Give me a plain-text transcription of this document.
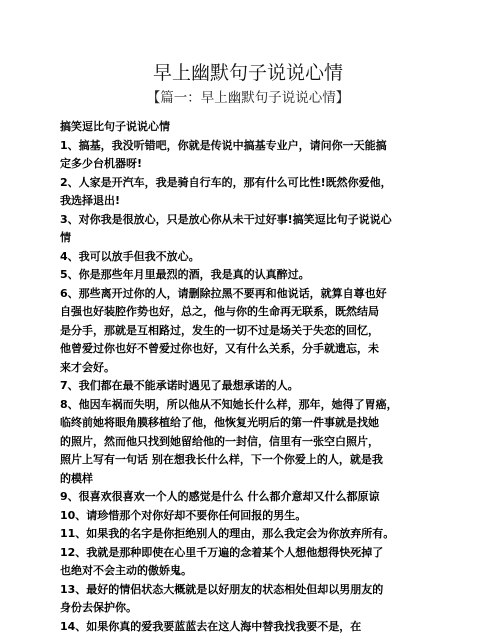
早上幽默句子说说心情
【篇一：早上幽默句子说说心情】
搞笑逗比句子说说心情
1、搞基，我没听错吧，你就是传说中搞基专业户，请问你一天能搞
定多少台机器呀!
2、人家是开汽车，我是骑自行车的，那有什么可比性!既然你爱他，
我选择退出!
3、对你我是很放心，只是放心你从未干过好事!搞笑逗比句子说说心
情
4、我可以放手但我不放心。
5、你是那些年月里最烈的酒，我是真的认真醉过。
6、那些离开过你的人，请删除拉黑不要再和他说话，就算自尊也好
自强也好装腔作势也好，总之，他与你的生命再无联系，既然结局
是分手，那就是互相路过，发生的一切不过是场关于失恋的回忆，
他曾爱过你也好不曾爱过你也好，又有什么关系，分手就遗忘，未
来才会好。
7、我们都在最不能承诺时遇见了最想承诺的人。
8、他因车祸而失明，所以他从不知她长什么样，那年，她得了胃癌，
临终前她将眼角膜移植给了他，他恢复光明后的第一件事就是找她
的照片，然而他只找到她留给他的一封信，信里有一张空白照片，
照片上写有一句话 别在想我长什么样，下一个你爱上的人，就是我
的模样
9、很喜欢很喜欢一个人的感觉是什么 什么都介意却又什么都原谅
10、请珍惜那个对你好却不要你任何回报的男生。
11、如果我的名字是你拒绝别人的理由，那么我定会为你放弃所有。
12、我就是那种即使在心里千万遍的念着某个人想他想得快死掉了
也绝对不会主动的傲娇鬼。
13、最好的情侣状态大概就是以好朋友的状态相处但却以男朋友的
身份去保护你。
14、如果你真的爱我要蓝蓝去在这人海中替我找我要不是，在
